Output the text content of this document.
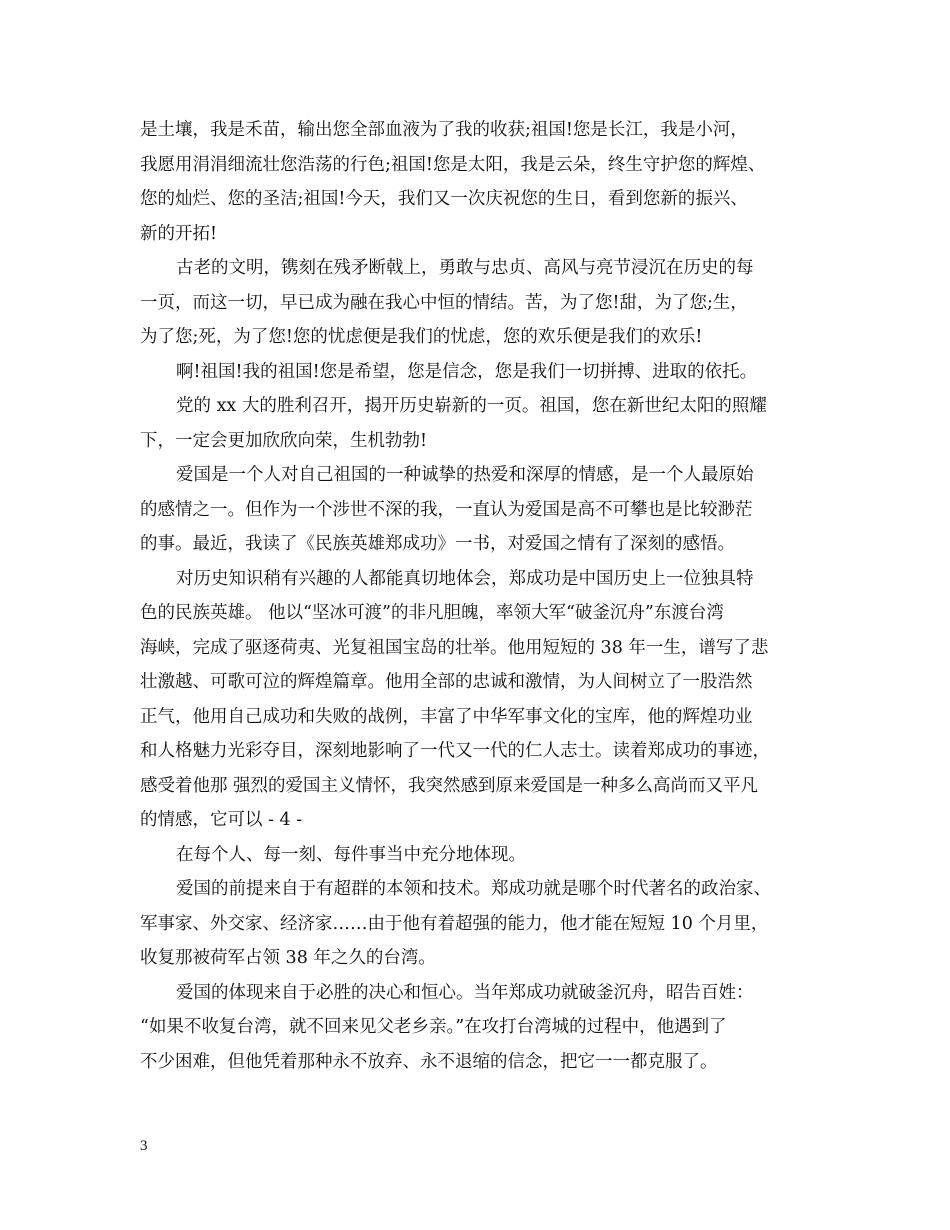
是土壤，我是禾苗，输出您全部血液为了我的收获;祖国!您是长江，我是小河，
我愿用涓涓细流壮您浩荡的行色;祖国!您是太阳，我是云朵，终生守护您的辉煌、
您的灿烂、您的圣洁;祖国!今天，我们又一次庆祝您的生日，看到您新的振兴、
新的开拓!
古老的文明，镌刻在残矛断戟上，勇敢与忠贞、高风与亮节浸沉在历史的每
一页，而这一切，早已成为融在我心中恒的情结。苦，为了您!甜，为了您;生，
为了您;死，为了您!您的忧虑便是我们的忧虑，您的欢乐便是我们的欢乐!
啊!祖国!我的祖国!您是希望，您是信念，您是我们一切拼搏、进取的依托。
党的 xx 大的胜利召开，揭开历史崭新的一页。祖国，您在新世纪太阳的照耀
下，一定会更加欣欣向荣，生机勃勃!
爱国是一个人对自己祖国的一种诚挚的热爱和深厚的情感，是一个人最原始
的感情之一。但作为一个涉世不深的我，一直认为爱国是高不可攀也是比较渺茫
的事。最近，我读了《民族英雄郑成功》一书，对爱国之情有了深刻的感悟。
对历史知识稍有兴趣的人都能真切地体会，郑成功是中国历史上一位独具特
色的民族英雄。 他以“坚冰可渡”的非凡胆魄，率领大军“破釜沉舟”东渡台湾
海峡，完成了驱逐荷夷、光复祖国宝岛的壮举。他用短短的 38 年一生，谱写了悲
壮激越、可歌可泣的辉煌篇章。他用全部的忠诚和激情，为人间树立了一股浩然
正气，他用自己成功和失败的战例，丰富了中华军事文化的宝库，他的辉煌功业
和人格魅力光彩夺目，深刻地影响了一代又一代的仁人志士。读着郑成功的事迹，
感受着他那 强烈的爱国主义情怀，我突然感到原来爱国是一种多么高尚而又平凡
的情感，它可以 - 4 -
在每个人、每一刻、每件事当中充分地体现。
爱国的前提来自于有超群的本领和技术。郑成功就是哪个时代著名的政治家、
军事家、外交家、经济家……由于他有着超强的能力，他才能在短短 10 个月里，
收复那被荷军占领 38 年之久的台湾。
爱国的体现来自于必胜的决心和恒心。当年郑成功就破釜沉舟，昭告百姓：
“如果不收复台湾，就不回来见父老乡亲。”在攻打台湾城的过程中，他遇到了
不少困难，但他凭着那种永不放弃、永不退缩的信念，把它一一都克服了。
3
